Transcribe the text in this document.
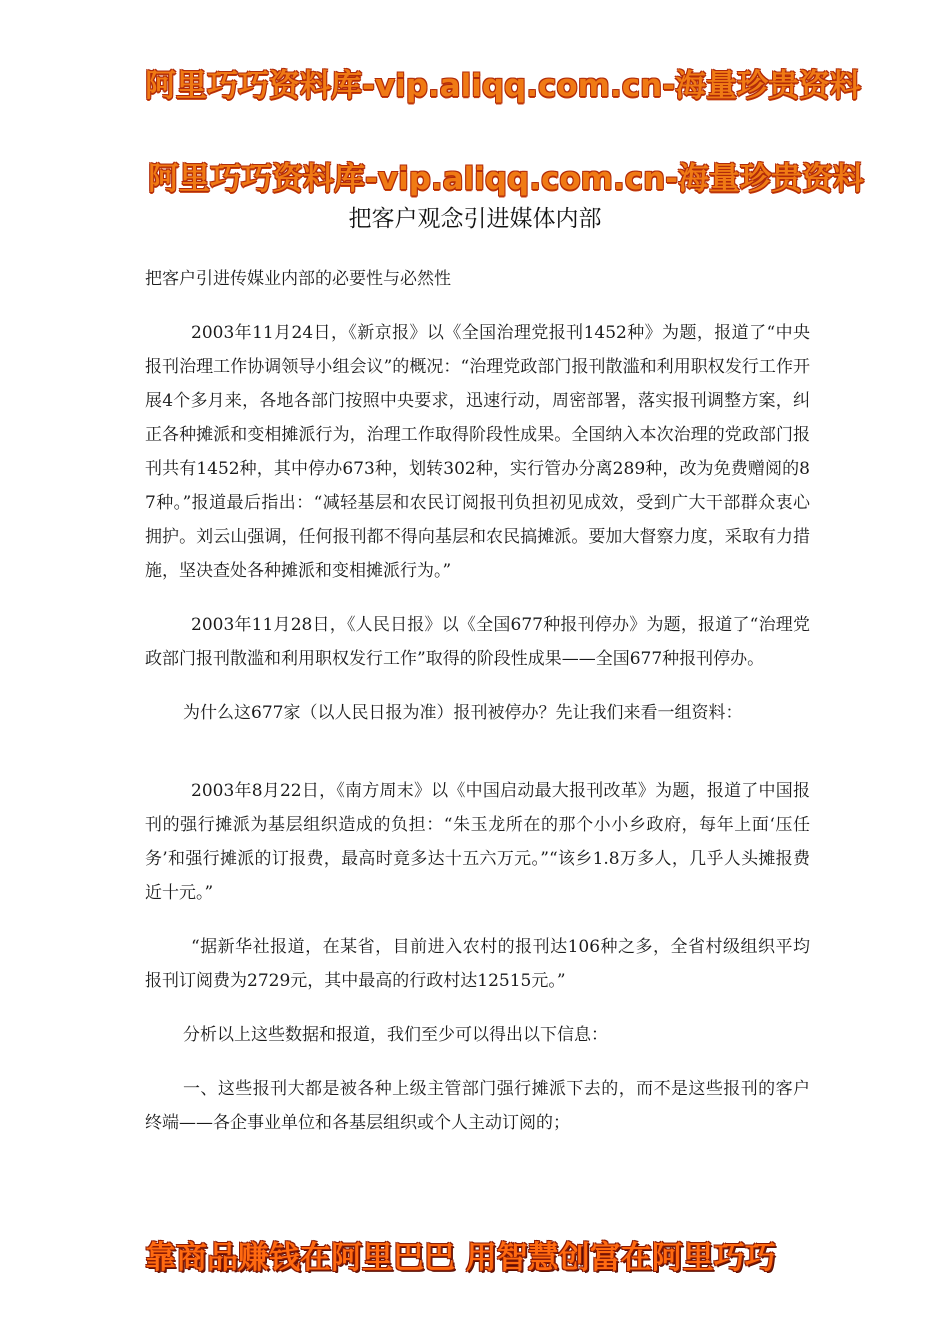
阿里巧巧资料库-vip.aliqq.com.cn-海量珍贵资料
阿里巧巧资料库-vip.aliqq.com.cn-海量珍贵资料
把客户观念引进媒体内部

把客户引进传媒业内部的必要性与必然性

2003年11月24日，《新京报》以《全国治理党报刊1452种》为题，报道了“中央报刊治理工作协调领导小组会议”的概况：“治理党政部门报刊散滥和利用职权发行工作开展4个多月来，各地各部门按照中央要求，迅速行动，周密部署，落实报刊调整方案，纠正各种摊派和变相摊派行为，治理工作取得阶段性成果。全国纳入本次治理的党政部门报刊共有1452种，其中停办673种，划转302种，实行管办分离289种，改为免费赠阅的87种。”报道最后指出：“减轻基层和农民订阅报刊负担初见成效，受到广大干部群众衷心拥护。刘云山强调，任何报刊都不得向基层和农民搞摊派。要加大督察力度，采取有力措施，坚决查处各种摊派和变相摊派行为。”

2003年11月28日，《人民日报》以《全国677种报刊停办》为题，报道了“治理党政部门报刊散滥和利用职权发行工作”取得的阶段性成果——全国677种报刊停办。

为什么这677家（以人民日报为准）报刊被停办？先让我们来看一组资料：

2003年8月22日，《南方周末》以《中国启动最大报刊改革》为题，报道了中国报刊的强行摊派为基层组织造成的负担：“朱玉龙所在的那个小小乡政府，每年上面‘压任务’和强行摊派的订报费，最高时竟多达十五六万元。”“该乡1.8万多人，几乎人头摊报费近十元。”

“据新华社报道，在某省，目前进入农村的报刊达106种之多，全省村级组织平均报刊订阅费为2729元，其中最高的行政村达12515元。”

分析以上这些数据和报道，我们至少可以得出以下信息：

一、这些报刊大都是被各种上级主管部门强行摊派下去的，而不是这些报刊的客户终端——各企事业单位和各基层组织或个人主动订阅的；

靠商品赚钱在阿里巴巴 用智慧创富在阿里巧巧
